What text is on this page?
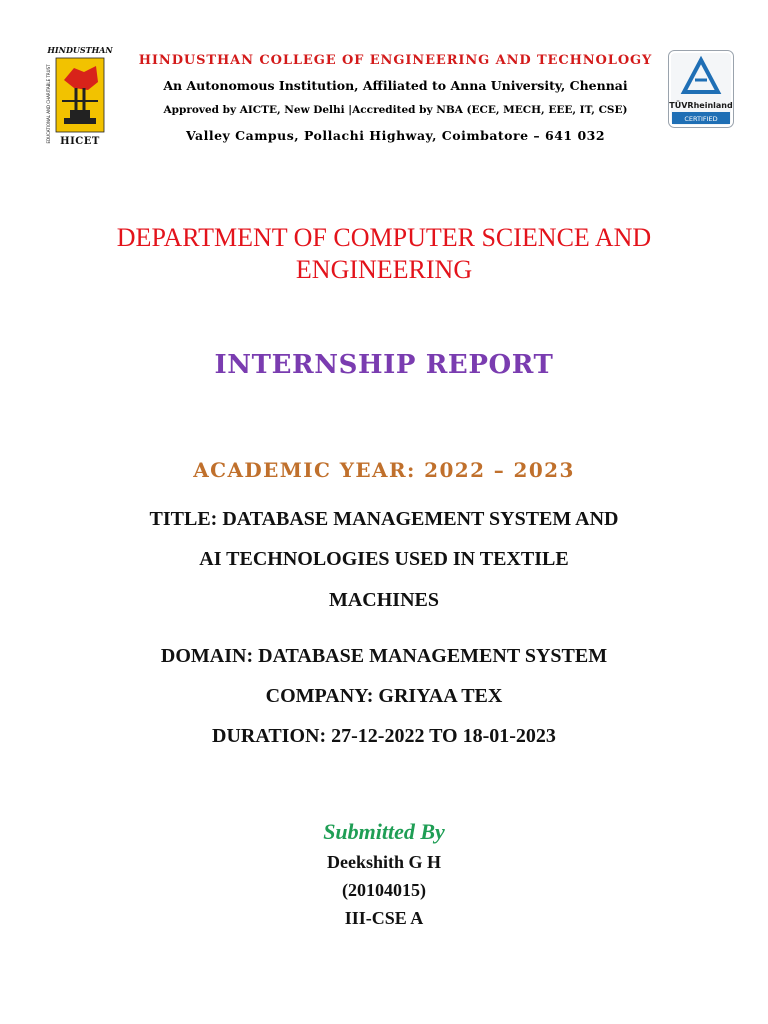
HINDUSTHAN
EDUCATIONAL AND CHARITABLE TRUST HICET

HINDUSTHAN COLLEGE OF ENGINEERING AND TECHNOLOGY

An Autonomous Institution, Affiliated to Anna University, Chennai

Approved by AICTE, New Delhi |Accredited by NBA (ECE, MECH, EEE, IT, CSE)

Valley Campus, Pollachi Highway, Coimbatore – 641 032

TÜVRheinland
CERTIFIED
DEPARTMENT OF COMPUTER SCIENCE AND
ENGINEERING
INTERNSHIP REPORT
ACADEMIC YEAR: 2022 – 2023
TITLE: DATABASE MANAGEMENT SYSTEM AND
AI TECHNOLOGIES USED IN TEXTILE
MACHINES
DOMAIN: DATABASE MANAGEMENT SYSTEM
COMPANY: GRIYAA TEX
DURATION: 27-12-2022 TO 18-01-2023
Submitted By
Deekshith G H
(20104015)
III-CSE A
